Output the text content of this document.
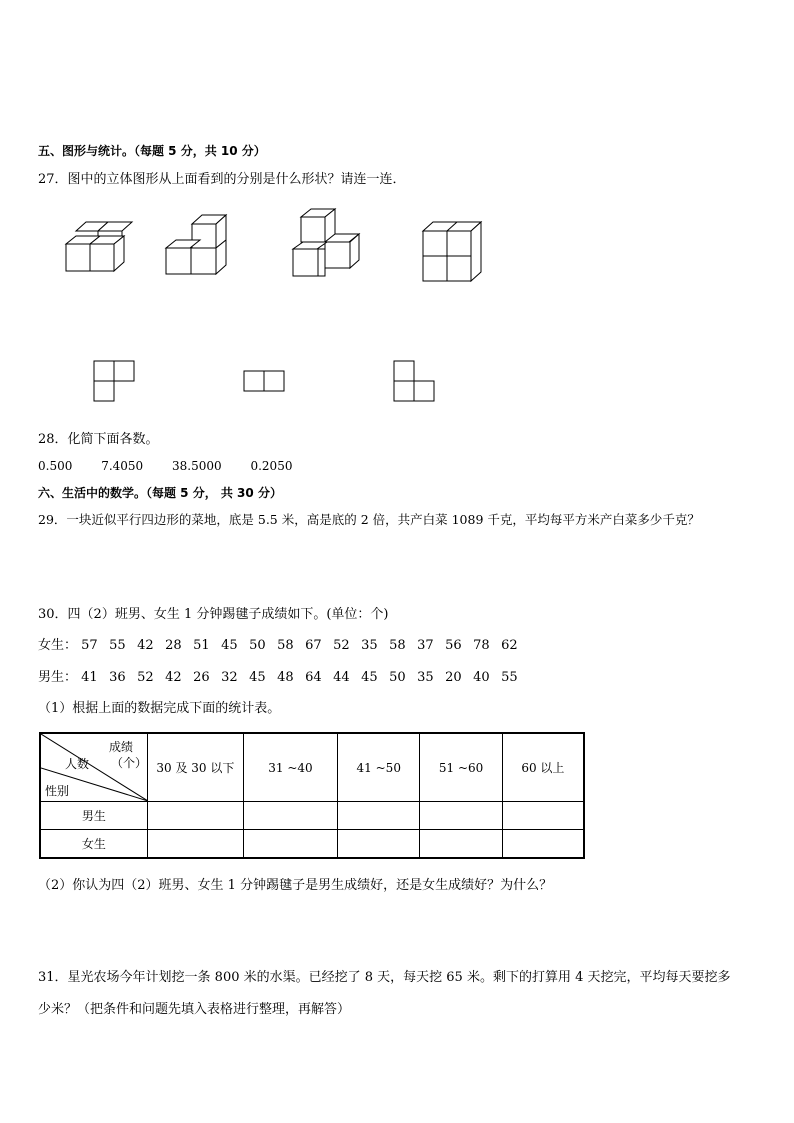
五、图形与统计。（每题 5 分，共 10 分）
27．图中的立体图形从上面看到的分别是什么形状？请连一连．
28．化简下面各数。
0.500 7.4050 38.5000 0.2050
六、生活中的数学。（每题 5 分， 共 30 分）
29．一块近似平行四边形的菜地，底是 5.5 米，高是底的 2 倍，共产白菜 1089 千克，平均每平方米产白菜多少千克？
30．四（2）班男、女生 1 分钟踢毽子成绩如下。(单位：个)
女生： 57 55 42 28 51 45 50 58 67 52 35 58 37 56 78 62
男生： 41 36 52 42 26 32 45 48 64 44 45 50 35 20 40 55
（1）根据上面的数据完成下面的统计表。
成绩
（个）
人数
性别	30 及 30 以下	31 ~40	41 ~50	51 ~60	60 以上
男生					
女生					
（2）你认为四（2）班男、女生 1 分钟踢毽子是男生成绩好，还是女生成绩好？为什么？
31．星光农场今年计划挖一条 800 米的水渠。已经挖了 8 天，每天挖 65 米。剩下的打算用 4 天挖完，平均每天要挖多
少米？（把条件和问题先填入表格进行整理，再解答）
